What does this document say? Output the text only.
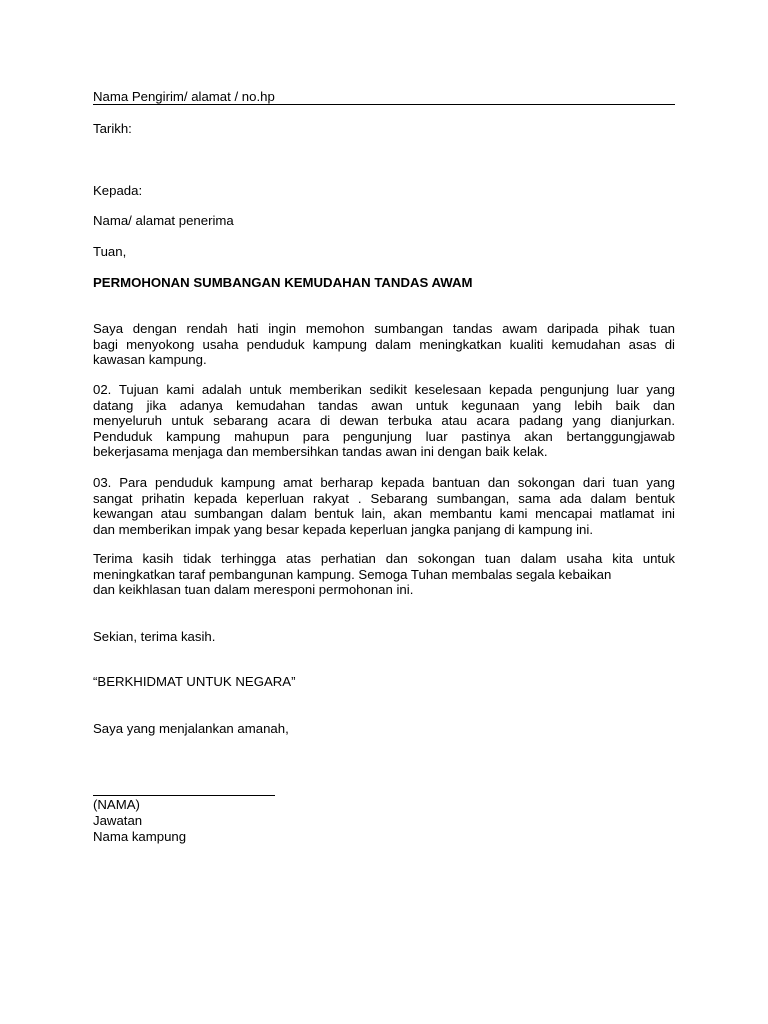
Nama Pengirim/ alamat / no.hp

Tarikh:

Kepada:

Nama/ alamat penerima

Tuan,

PERMOHONAN SUMBANGAN KEMUDAHAN TANDAS AWAM

Saya dengan rendah hati ingin memohon sumbangan tandas awam daripada pihak tuan
bagi menyokong usaha penduduk kampung dalam meningkatkan kualiti kemudahan asas di
kawasan kampung.
02. Tujuan kami adalah untuk memberikan sedikit keselesaan kepada pengunjung luar yang
datang jika adanya kemudahan tandas awan untuk kegunaan yang lebih baik dan
menyeluruh untuk sebarang acara di dewan terbuka atau acara padang yang dianjurkan.
Penduduk kampung mahupun para pengunjung luar pastinya akan bertanggungjawab
bekerjasama menjaga dan membersihkan tandas awan ini dengan baik kelak.
03. Para penduduk kampung amat berharap kepada bantuan dan sokongan dari tuan yang
sangat prihatin kepada keperluan rakyat . Sebarang sumbangan, sama ada dalam bentuk
kewangan atau sumbangan dalam bentuk lain, akan membantu kami mencapai matlamat ini
dan memberikan impak yang besar kepada keperluan jangka panjang di kampung ini.
Terima kasih tidak terhingga atas perhatian dan sokongan tuan dalam usaha kita untuk
meningkatkan taraf pembangunan kampung. Semoga Tuhan membalas segala kebaikan
dan keikhlasan tuan dalam meresponi permohonan ini.

Sekian, terima kasih.

“BERKHIDMAT UNTUK NEGARA”

Saya yang menjalankan amanah,

(NAMA)

Jawatan

Nama kampung
